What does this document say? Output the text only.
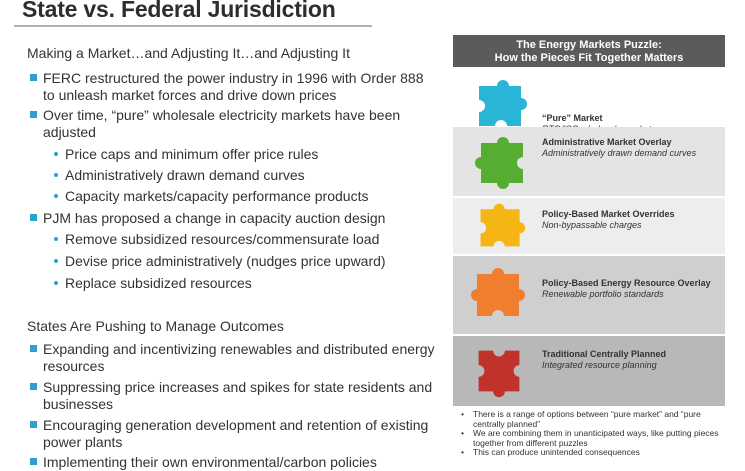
State vs. Federal Jurisdiction
Making a Market…and Adjusting It…and Adjusting It
FERC restructured the power industry in 1996 with Order 888 to unleash market forces and drive down prices
Over time, “pure” wholesale electricity markets have been adjusted
Price caps and minimum offer price rules
Administratively drawn demand curves
Capacity markets/capacity performance products
PJM has proposed a change in capacity auction design
Remove subsidized resources/commensurate load
Devise price administratively (nudges price upward)
Replace subsidized resources
States Are Pushing to Manage Outcomes
Expanding and incentivizing renewables and distributed energy resources
Suppressing price increases and spikes for state residents and businesses
Encouraging generation development and retention of existing power plants
Implementing their own environmental/carbon policies
The Energy Markets Puzzle:
How the Pieces Fit Together Matters
“Pure” Market
Administrative Market Overlay
Administratively drawn demand curves
Policy-Based Market Overrides
Non-bypassable charges
Policy-Based Energy Resource Overlay
Renewable portfolio standards
Traditional Centrally Planned
Integrated resource planning
• There is a range of options between “pure market” and “pure centrally planned”
• We are combining them in unanticipated ways, like putting pieces together from different puzzles
• This can produce unintended consequences
